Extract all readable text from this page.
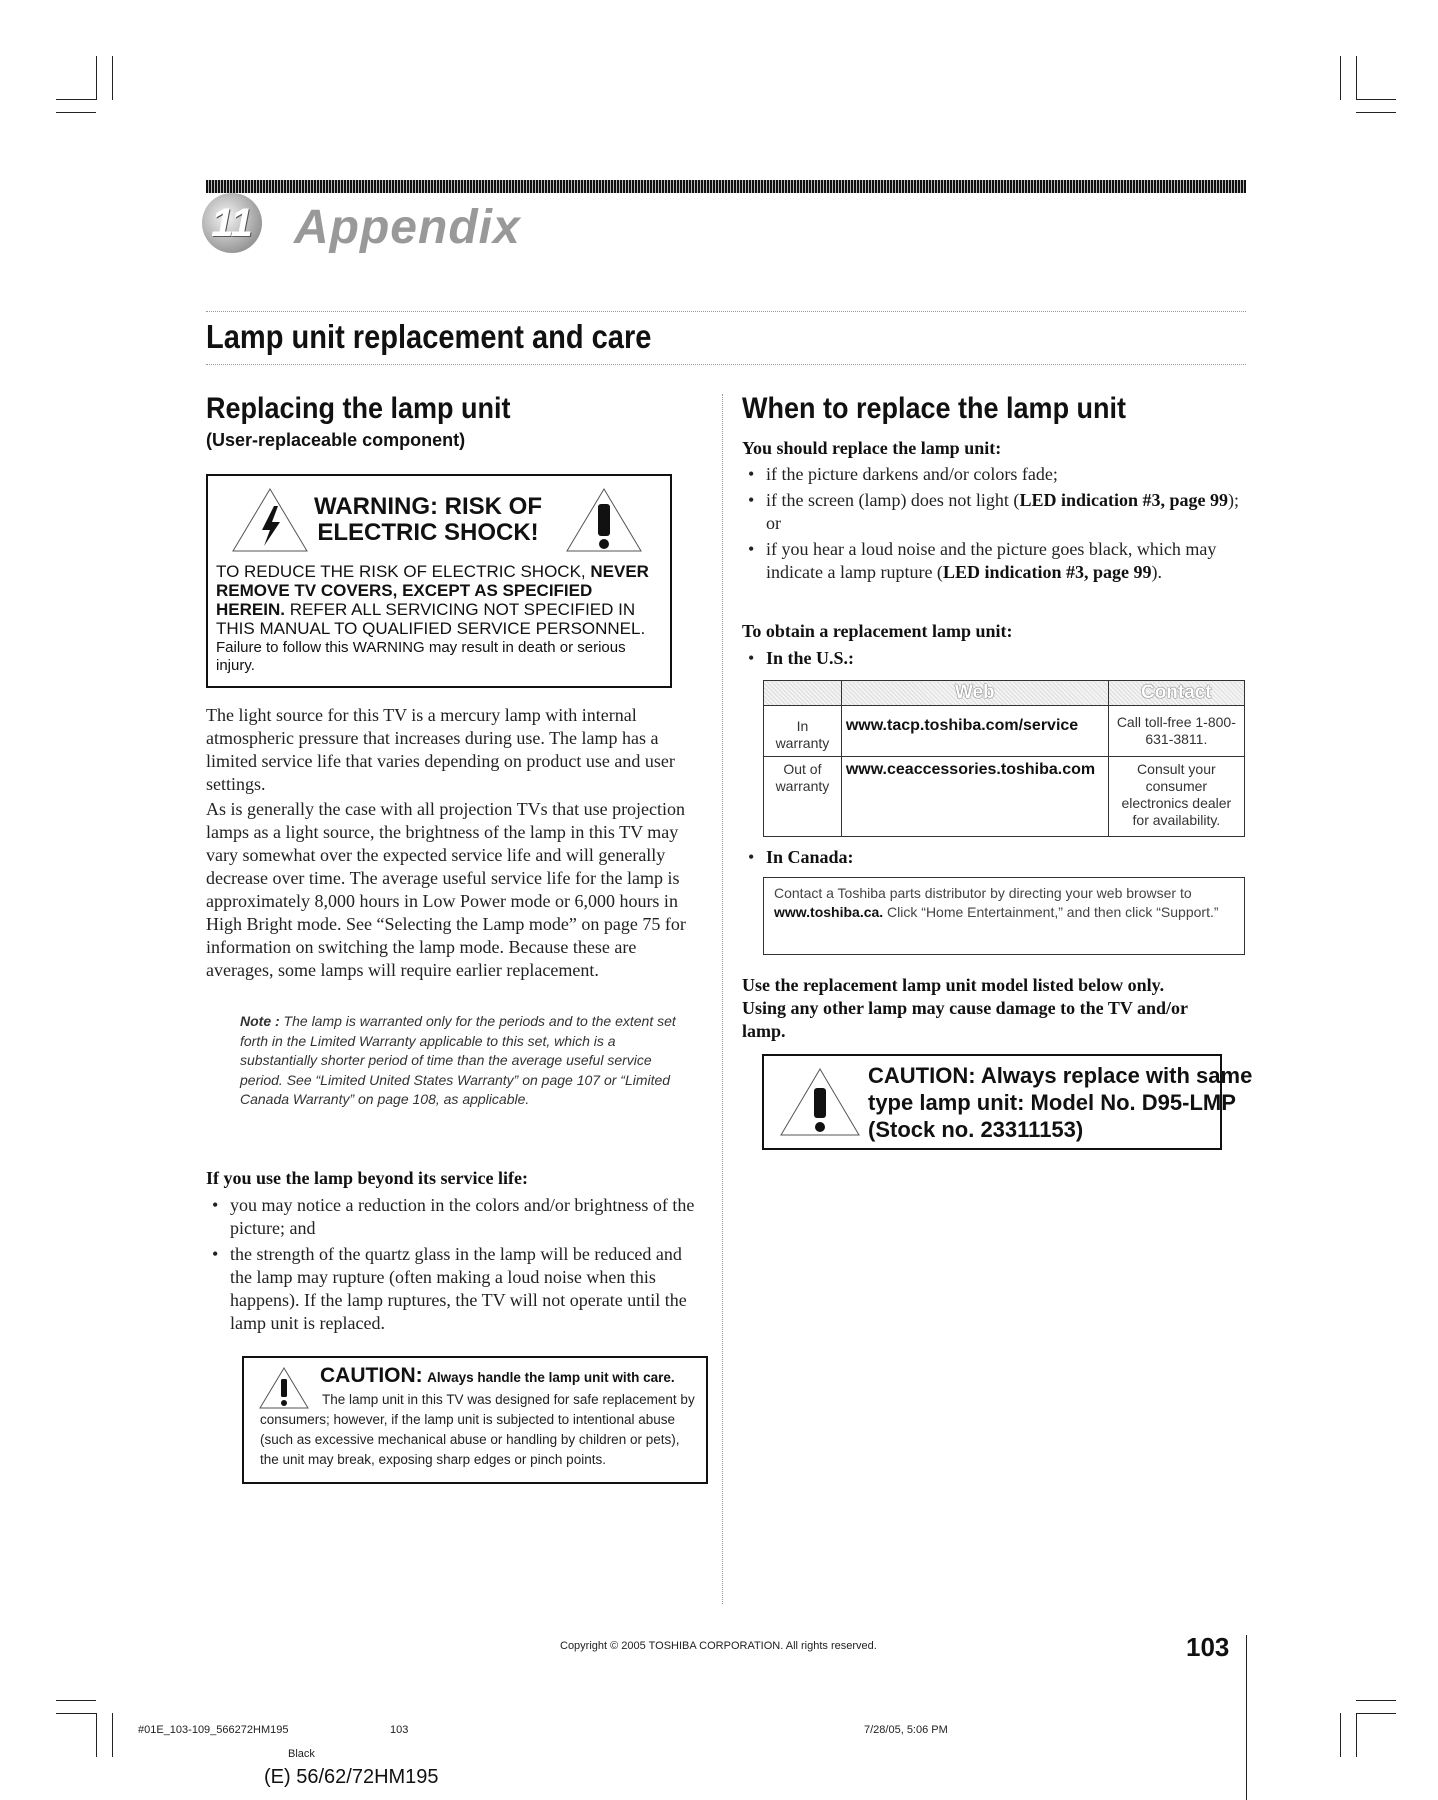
11 Appendix
Lamp unit replacement and care
Replacing the lamp unit
(User-replaceable component)
WARNING: RISK OF
ELECTRIC SHOCK!
TO REDUCE THE RISK OF ELECTRIC SHOCK, NEVER REMOVE TV COVERS, EXCEPT AS SPECIFIED HEREIN. REFER ALL SERVICING NOT SPECIFIED IN THIS MANUAL TO QUALIFIED SERVICE PERSONNEL.
Failure to follow this WARNING may result in death or serious injury.
The light source for this TV is a mercury lamp with internal atmospheric pressure that increases during use. The lamp has a limited service life that varies depending on product use and user settings.
As is generally the case with all projection TVs that use projection lamps as a light source, the brightness of the lamp in this TV may vary somewhat over the expected service life and will generally decrease over time. The average useful service life for the lamp is approximately 8,000 hours in Low Power mode or 6,000 hours in High Bright mode. See “Selecting the Lamp mode” on page 75 for information on switching the lamp mode. Because these are averages, some lamps will require earlier replacement.
Note : The lamp is warranted only for the periods and to the extent set forth in the Limited Warranty applicable to this set, which is a substantially shorter period of time than the average useful service period. See “Limited United States Warranty” on page 107 or “Limited Canada Warranty” on page 108, as applicable.
If you use the lamp beyond its service life:
• you may notice a reduction in the colors and/or brightness of the picture; and
• the strength of the quartz glass in the lamp will be reduced and the lamp may rupture (often making a loud noise when this happens). If the lamp ruptures, the TV will not operate until the lamp unit is replaced.
CAUTION: Always handle the lamp unit with care.
The lamp unit in this TV was designed for safe replacement by consumers; however, if the lamp unit is subjected to intentional abuse (such as excessive mechanical abuse or handling by children or pets), the unit may break, exposing sharp edges or pinch points.
When to replace the lamp unit
You should replace the lamp unit:
• if the picture darkens and/or colors fade;
• if the screen (lamp) does not light (LED indication #3, page 99); or
• if you hear a loud noise and the picture goes black, which may indicate a lamp rupture (LED indication #3, page 99).
To obtain a replacement lamp unit:
• In the U.S.:
	Web	Contact
In warranty	www.tacp.toshiba.com/service	Call toll-free 1-800-631-3811.
Out of warranty	www.ceaccessories.toshiba.com	Consult your consumer electronics dealer for availability.
• In Canada:
Contact a Toshiba parts distributor by directing your web browser to www.toshiba.ca. Click “Home Entertainment,” and then click “Support.”
Use the replacement lamp unit model listed below only. Using any other lamp may cause damage to the TV and/or lamp.
CAUTION: Always replace with same
type lamp unit: Model No. D95-LMP
(Stock no. 23311153)
Copyright © 2005 TOSHIBA CORPORATION. All rights reserved.	103
#01E_103-109_566272HM195	103	7/28/05, 5:06 PM
Black
(E) 56/62/72HM195
